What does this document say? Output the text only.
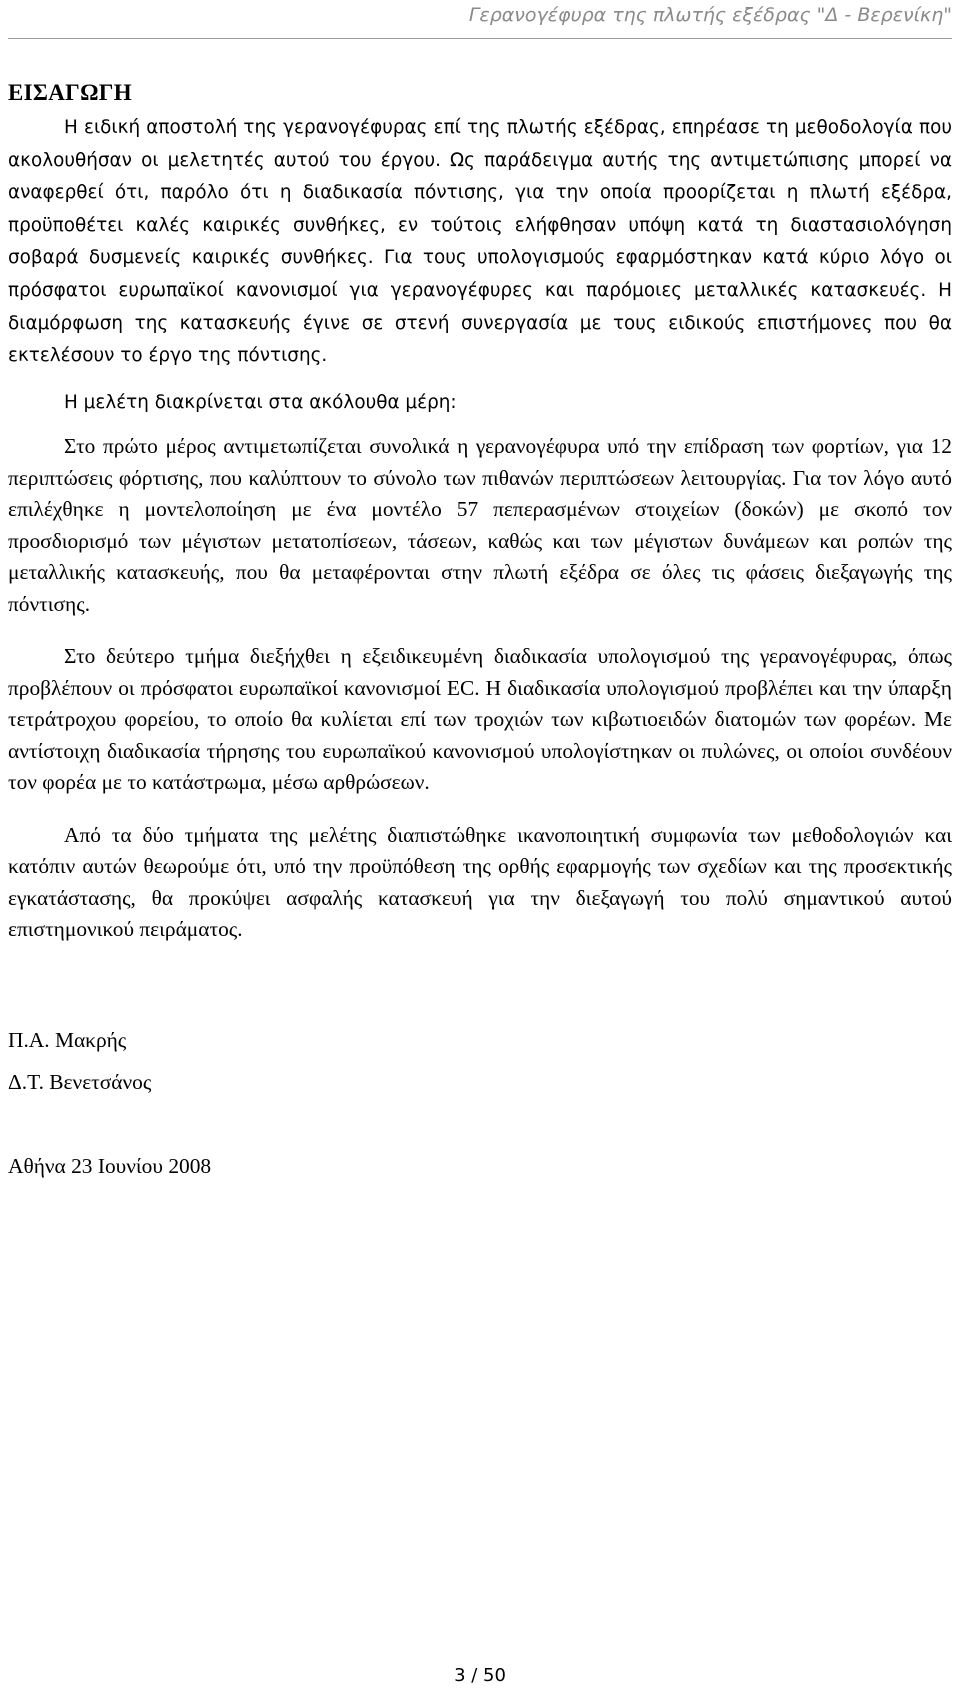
Γερανογέφυρα της πλωτής εξέδρας "Δ - Βερενίκη"
ΕΙΣΑΓΩΓΗ

Η ειδική αποστολή της γερανογέφυρας επί της πλωτής εξέδρας, επηρέασε τη μεθοδολογία που ακολουθήσαν οι μελετητές αυτού του έργου. Ως παράδειγμα αυτής της αντιμετώπισης μπορεί να αναφερθεί ότι, παρόλο ότι η διαδικασία πόντισης, για την οποία προορίζεται η πλωτή εξέδρα, προϋποθέτει καλές καιρικές συνθήκες, εν τούτοις ελήφθησαν υπόψη κατά τη διαστασιολόγηση σοβαρά δυσμενείς καιρικές συνθήκες. Για τους υπολογισμούς εφαρμόστηκαν κατά κύριο λόγο οι πρόσφατοι ευρωπαϊκοί κανονισμοί για γερανογέφυρες και παρόμοιες μεταλλικές κατασκευές. Η διαμόρφωση της κατασκευής έγινε σε στενή συνεργασία με τους ειδικούς επιστήμονες που θα εκτελέσουν το έργο της πόντισης.

Η μελέτη διακρίνεται στα ακόλουθα μέρη:

Στο πρώτο μέρος αντιμετωπίζεται συνολικά η γερανογέφυρα υπό την επίδραση των φορτίων, για 12 περιπτώσεις φόρτισης, που καλύπτουν το σύνολο των πιθανών περιπτώσεων λειτουργίας. Για τον λόγο αυτό επιλέχθηκε η μοντελοποίηση με ένα μοντέλο 57 πεπερασμένων στοιχείων (δοκών) με σκοπό τον προσδιορισμό των μέγιστων μετατοπίσεων, τάσεων, καθώς και των μέγιστων δυνάμεων και ροπών της μεταλλικής κατασκευής, που θα μεταφέρονται στην πλωτή εξέδρα σε όλες τις φάσεις διεξαγωγής της πόντισης.

Στο δεύτερο τμήμα διεξήχθει η εξειδικευμένη διαδικασία υπολογισμού της γερανογέφυρας, όπως προβλέπουν οι πρόσφατοι ευρωπαϊκοί κανονισμοί EC. Η διαδικασία υπολογισμού προβλέπει και την ύπαρξη τετράτροχου φορείου, το οποίο θα κυλίεται επί των τροχιών των κιβωτιοειδών διατομών των φορέων. Με αντίστοιχη διαδικασία τήρησης του ευρωπαϊκού κανονισμού υπολογίστηκαν οι πυλώνες, οι οποίοι συνδέουν τον φορέα με το κατάστρωμα, μέσω αρθρώσεων.

Από τα δύο τμήματα της μελέτης διαπιστώθηκε ικανοποιητική συμφωνία των μεθοδολογιών και κατόπιν αυτών θεωρούμε ότι, υπό την προϋπόθεση της ορθής εφαρμογής των σχεδίων και της προσεκτικής εγκατάστασης, θα προκύψει ασφαλής κατασκευή για την διεξαγωγή του πολύ σημαντικού αυτού επιστημονικού πειράματος.

Π.Α. Μακρής
Δ.Τ. Βενετσάνος
Αθήνα 23 Ιουνίου 2008
3 / 50
